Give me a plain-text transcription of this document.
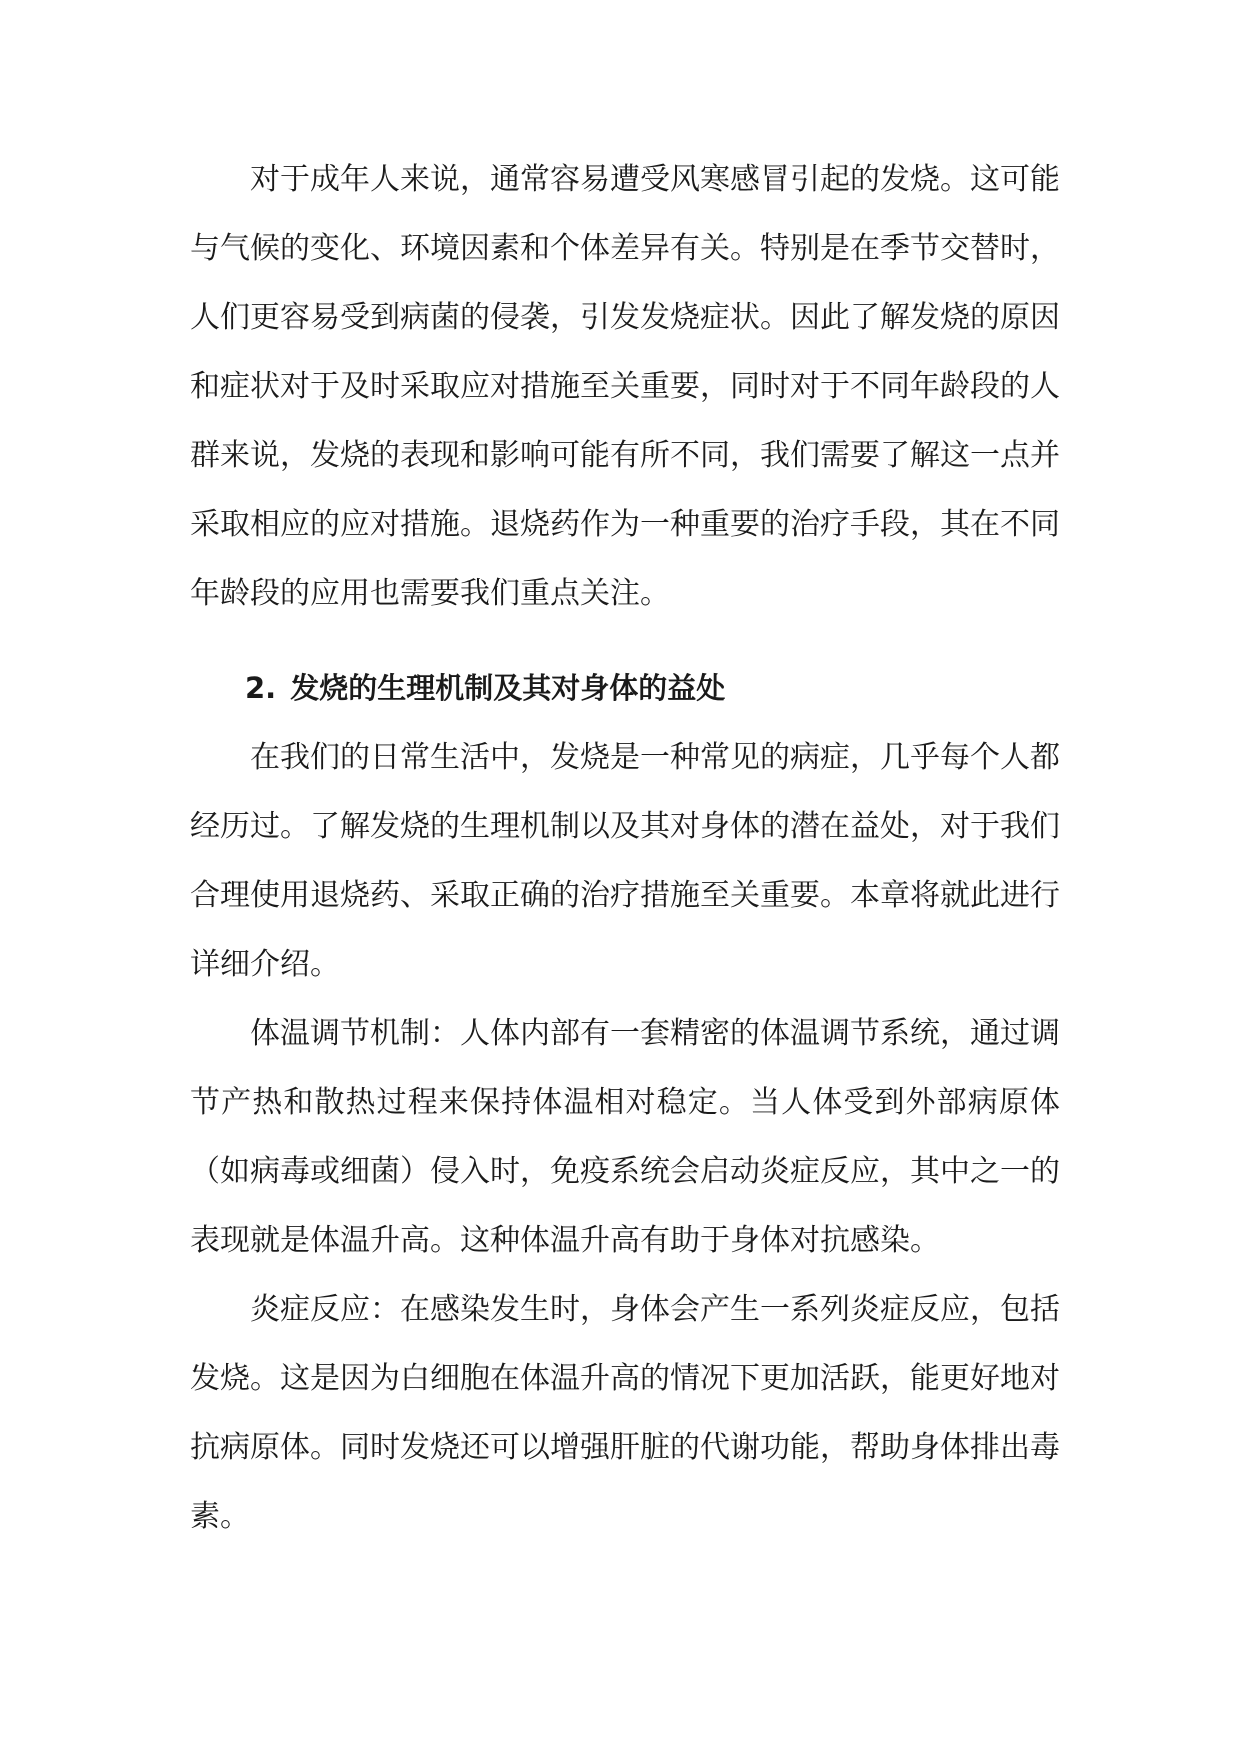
对于成年人来说，通常容易遭受风寒感冒引起的发烧。这可能与气候的变化、环境因素和个体差异有关。特别是在季节交替时，人们更容易受到病菌的侵袭，引发发烧症状。因此了解发烧的原因和症状对于及时采取应对措施至关重要，同时对于不同年龄段的人群来说，发烧的表现和影响可能有所不同，我们需要了解这一点并采取相应的应对措施。退烧药作为一种重要的治疗手段，其在不同年龄段的应用也需要我们重点关注。

2. 发烧的生理机制及其对身体的益处

在我们的日常生活中，发烧是一种常见的病症，几乎每个人都经历过。了解发烧的生理机制以及其对身体的潜在益处，对于我们合理使用退烧药、采取正确的治疗措施至关重要。本章将就此进行详细介绍。

体温调节机制：人体内部有一套精密的体温调节系统，通过调节产热和散热过程来保持体温相对稳定。当人体受到外部病原体（如病毒或细菌）侵入时，免疫系统会启动炎症反应，其中之一的表现就是体温升高。这种体温升高有助于身体对抗感染。

炎症反应：在感染发生时，身体会产生一系列炎症反应，包括发烧。这是因为白细胞在体温升高的情况下更加活跃，能更好地对抗病原体。同时发烧还可以增强肝脏的代谢功能，帮助身体排出毒素。
